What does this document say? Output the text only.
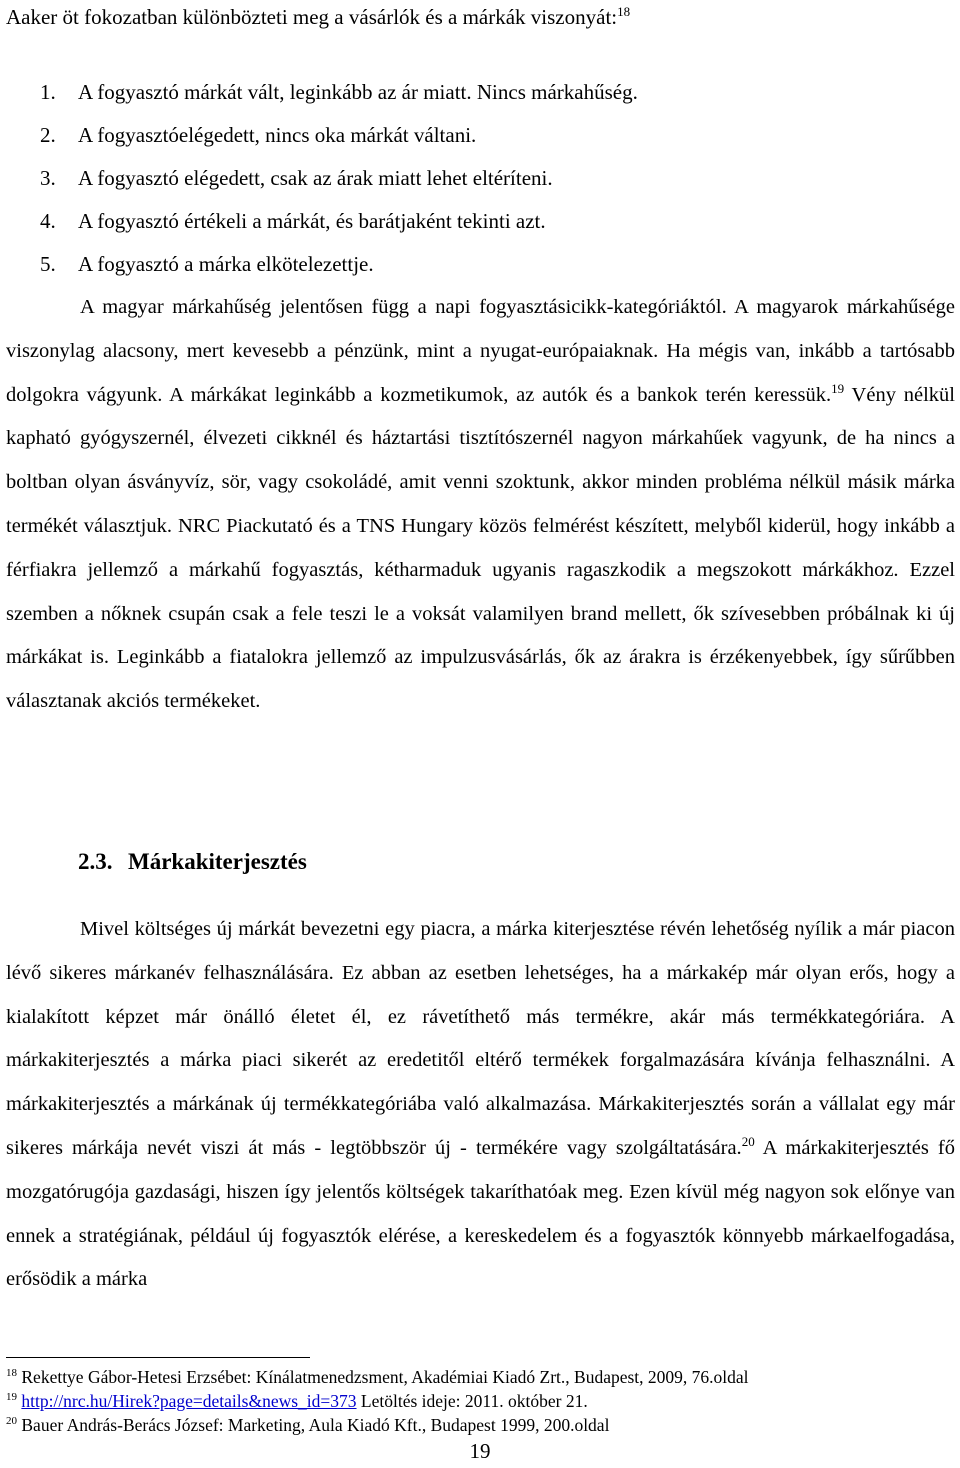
Aaker öt fokozatban különbözteti meg a vásárlók és a márkák viszonyát:$^{18}$
1. A fogyasztó márkát vált, leginkább az ár miatt. Nincs márkahűség.
2. A fogyasztóelégedett, nincs oka márkát váltani.
3. A fogyasztó elégedett, csak az árak miatt lehet eltéríteni.
4. A fogyasztó értékeli a márkát, és barátjaként tekinti azt.
5. A fogyasztó a márka elkötelezettje.

A magyar márkahűség jelentősen függ a napi fogyasztásicikk-kategóriáktól. A magyarok márkahűsége viszonylag alacsony, mert kevesebb a pénzünk, mint a nyugat-európaiaknak. Ha mégis van, inkább a tartósabb dolgokra vágyunk. A márkákat leginkább a kozmetikumok, az autók és a bankok terén keressük.$^{19}$ Vény nélkül kapható gyógyszernél, élvezeti cikknél és háztartási tisztítószernél nagyon márkahűek vagyunk, de ha nincs a boltban olyan ásványvíz, sör, vagy csokoládé, amit venni szoktunk, akkor minden probléma nélkül másik márka termékét választjuk. NRC Piackutató és a TNS Hungary közös felmérést készített, melyből kiderül, hogy inkább a férfiakra jellemző a márkahű fogyasztás, kétharmaduk ugyanis ragaszkodik a megszokott márkákhoz. Ezzel szemben a nőknek csupán csak a fele teszi le a voksát valamilyen brand mellett, ők szívesebben próbálnak ki új márkákat is. Leginkább a fiatalokra jellemző az impulzusvásárlás, ők az árakra is érzékenyebbek, így sűrűbben választanak akciós termékeket.

2.3. Márkakiterjesztés

Mivel költséges új márkát bevezetni egy piacra, a márka kiterjesztése révén lehetőség nyílik a már piacon lévő sikeres márkanév felhasználására. Ez abban az esetben lehetséges, ha a márkakép már olyan erős, hogy a kialakított képzet már önálló életet él, ez rávetíthető más termékre, akár más termékkategóriára. A márkakiterjesztés a márka piaci sikerét az eredetitől eltérő termékek forgalmazására kívánja felhasználni. A márkakiterjesztés a márkának új termékkategóriába való alkalmazása. Márkakiterjesztés során a vállalat egy már sikeres márkája nevét viszi át más - legtöbbször új - termékére vagy szolgáltatására.$^{20}$ A márkakiterjesztés fő mozgatórugója gazdasági, hiszen így jelentős költségek takaríthatóak meg. Ezen kívül még nagyon sok előnye van ennek a stratégiának, például új fogyasztók elérése, a kereskedelem és a fogyasztók könnyebb márkaelfogadása, erősödik a márka

$^{18}$ Rekettye Gábor-Hetesi Erzsébet: Kínálatmenedzsment, Akadémiai Kiadó Zrt., Budapest, 2009, 76.oldal
$^{19}$ http://nrc.hu/Hirek?page=details&news_id=373 Letöltés ideje: 2011. október 21.
$^{20}$ Bauer András-Berács József: Marketing, Aula Kiadó Kft., Budapest 1999, 200.oldal
19
